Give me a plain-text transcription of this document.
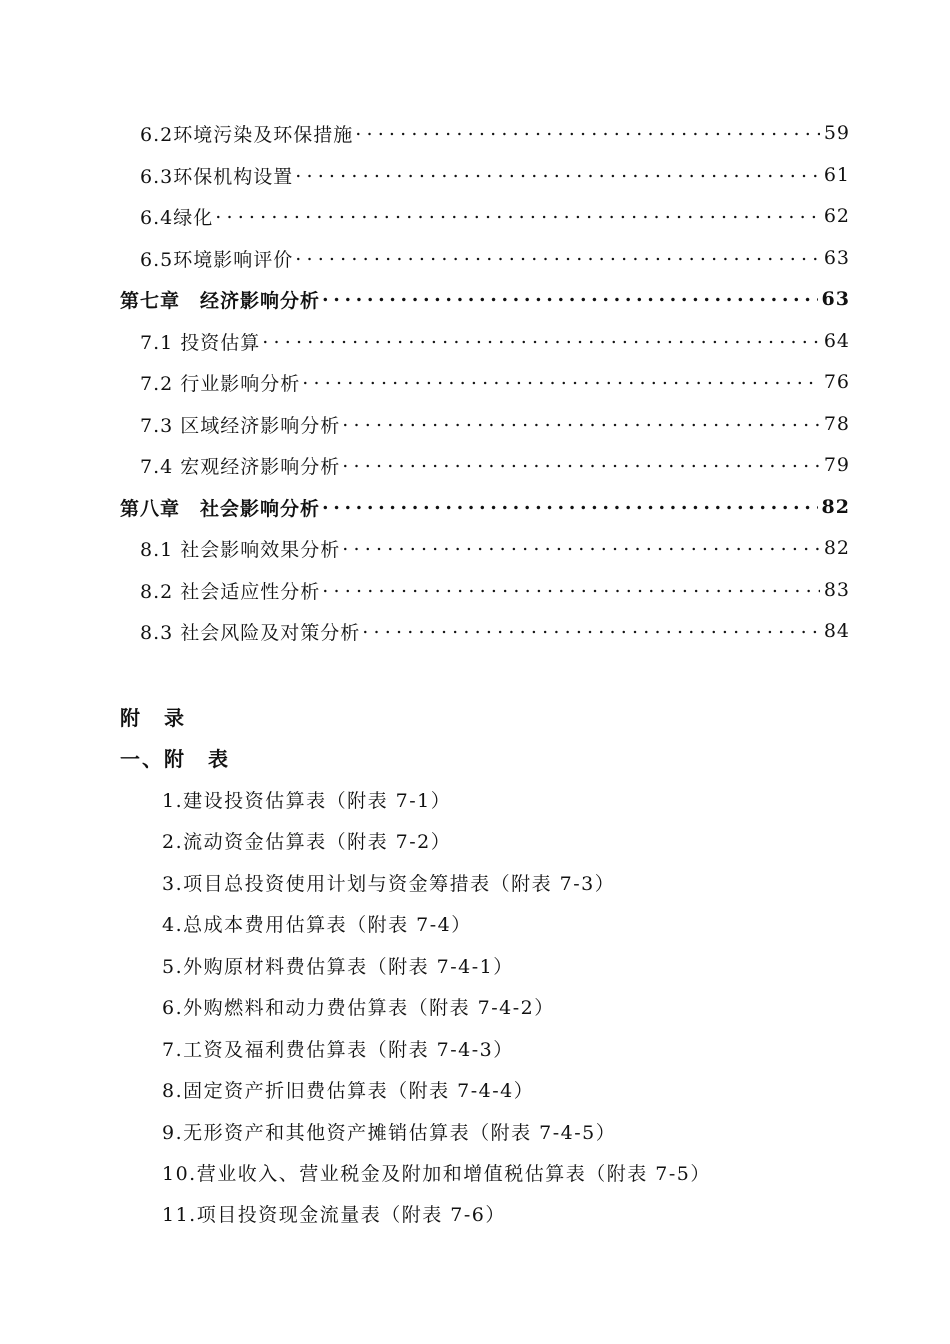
6.2环境污染及环保措施 .....	59
6.3环保机构设置 .....	61
6.4绿化 .....	62
6.5环境影响评价 .....	63
第七章　经济影响分析 .....	63
7.1 投资估算 .....	64
7.2 行业影响分析 .....	76
7.3 区域经济影响分析 .....	78
7.4 宏观经济影响分析 .....	79
第八章　社会影响分析 .....	82
8.1 社会影响效果分析 .....	82
8.2 社会适应性分析 .....	83
8.3 社会风险及对策分析 .....	84
附　录
一、附　表
1.建设投资估算表（附表 7-1）
2.流动资金估算表（附表 7-2）
3.项目总投资使用计划与资金筹措表（附表 7-3）
4.总成本费用估算表（附表 7-4）
5.外购原材料费估算表（附表 7-4-1）
6.外购燃料和动力费估算表（附表 7-4-2）
7.工资及福利费估算表（附表 7-4-3）
8.固定资产折旧费估算表（附表 7-4-4）
9.无形资产和其他资产摊销估算表（附表 7-4-5）
10.营业收入、营业税金及附加和增值税估算表（附表 7-5）
11.项目投资现金流量表（附表 7-6）
